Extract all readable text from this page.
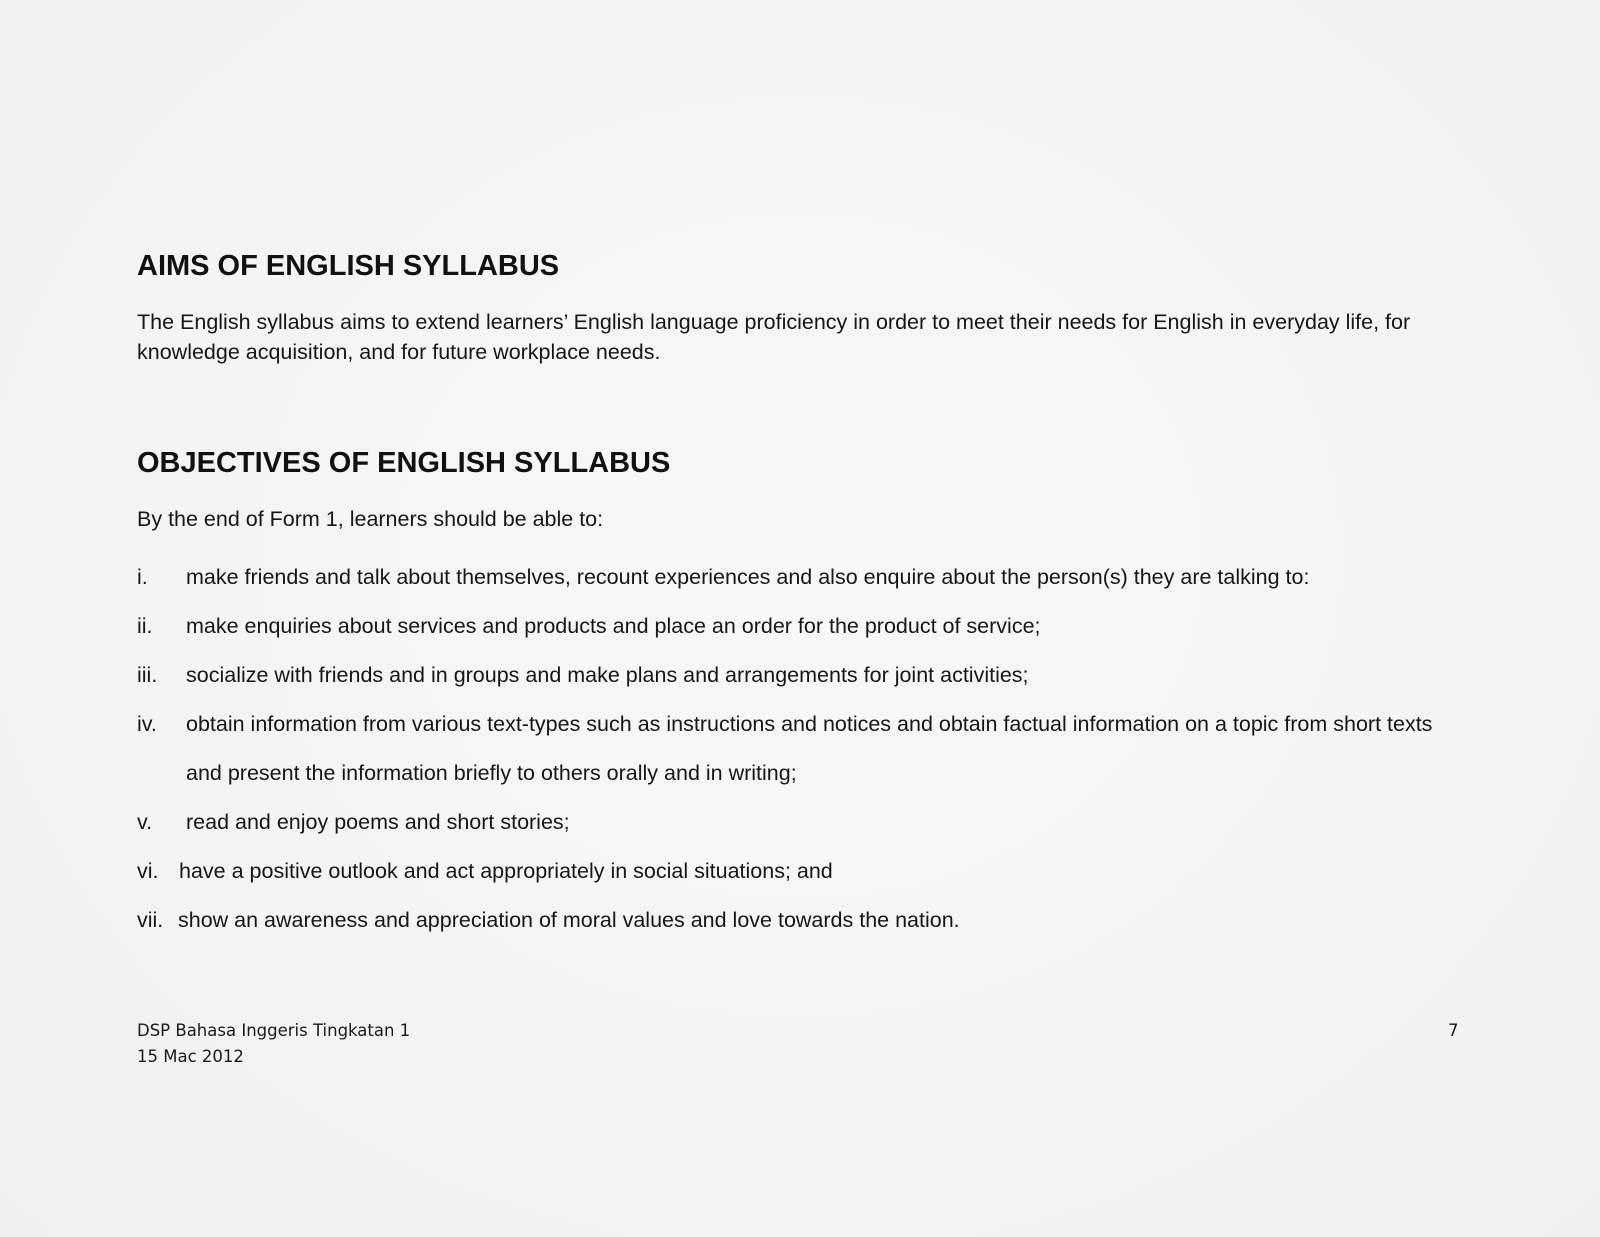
AIMS OF ENGLISH SYLLABUS

The English syllabus aims to extend learners’ English language proficiency in order to meet their needs for English in everyday life, for knowledge acquisition, and for future workplace needs.

OBJECTIVES OF ENGLISH SYLLABUS

By the end of Form 1, learners should be able to:

i. make friends and talk about themselves, recount experiences and also enquire about the person(s) they are talking to:
ii. make enquiries about services and products and place an order for the product of service;
iii. socialize with friends and in groups and make plans and arrangements for joint activities;
iv. obtain information from various text-types such as instructions and notices and obtain factual information on a topic from short texts and present the information briefly to others orally and in writing;
v. read and enjoy poems and short stories;
vi. have a positive outlook and act appropriately in social situations; and
vii. show an awareness and appreciation of moral values and love towards the nation.
DSP Bahasa Inggeris Tingkatan 1
15 Mac 2012
7
